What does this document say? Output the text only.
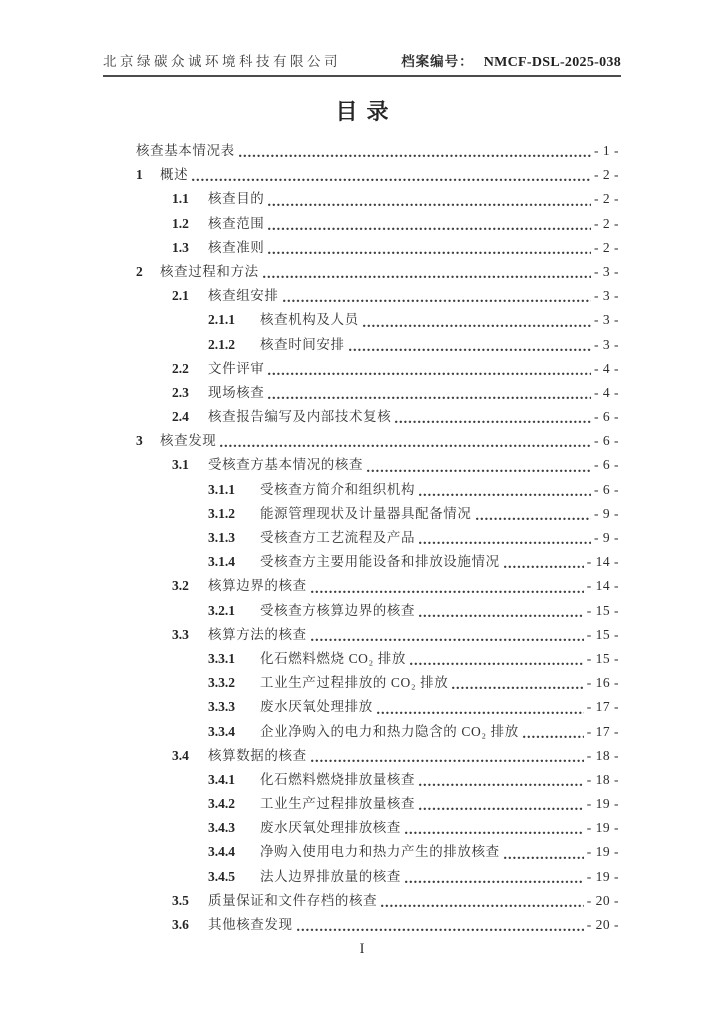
北京绿碳众诚环境科技有限公司	档案编号： NMCF-DSL-2025-038
目录
核查基本情况表	- 1 -
1	概述	- 2 -
1.1	核查目的	- 2 -
1.2	核查范围	- 2 -
1.3	核查准则	- 2 -
2	核查过程和方法	- 3 -
2.1	核查组安排	- 3 -
2.1.1	核查机构及人员	- 3 -
2.1.2	核查时间安排	- 3 -
2.2	文件评审	- 4 -
2.3	现场核查	- 4 -
2.4	核查报告编写及内部技术复核	- 6 -
3	核查发现	- 6 -
3.1	受核查方基本情况的核查	- 6 -
3.1.1	受核查方简介和组织机构	- 6 -
3.1.2	能源管理现状及计量器具配备情况	- 9 -
3.1.3	受核查方工艺流程及产品	- 9 -
3.1.4	受核查方主要用能设备和排放设施情况	- 14 -
3.2	核算边界的核查	- 14 -
3.2.1	受核查方核算边界的核查	- 15 -
3.3	核算方法的核查	- 15 -
3.3.1	化石燃料燃烧 CO₂ 排放	- 15 -
3.3.2	工业生产过程排放的 CO₂ 排放	- 16 -
3.3.3	废水厌氧处理排放	- 17 -
3.3.4	企业净购入的电力和热力隐含的 CO₂ 排放	- 17 -
3.4	核算数据的核查	- 18 -
3.4.1	化石燃料燃烧排放量核查	- 18 -
3.4.2	工业生产过程排放量核查	- 19 -
3.4.3	废水厌氧处理排放核查	- 19 -
3.4.4	净购入使用电力和热力产生的排放核查	- 19 -
3.4.5	法人边界排放量的核查	- 19 -
3.5	质量保证和文件存档的核查	- 20 -
3.6	其他核查发现	- 20 -
I
